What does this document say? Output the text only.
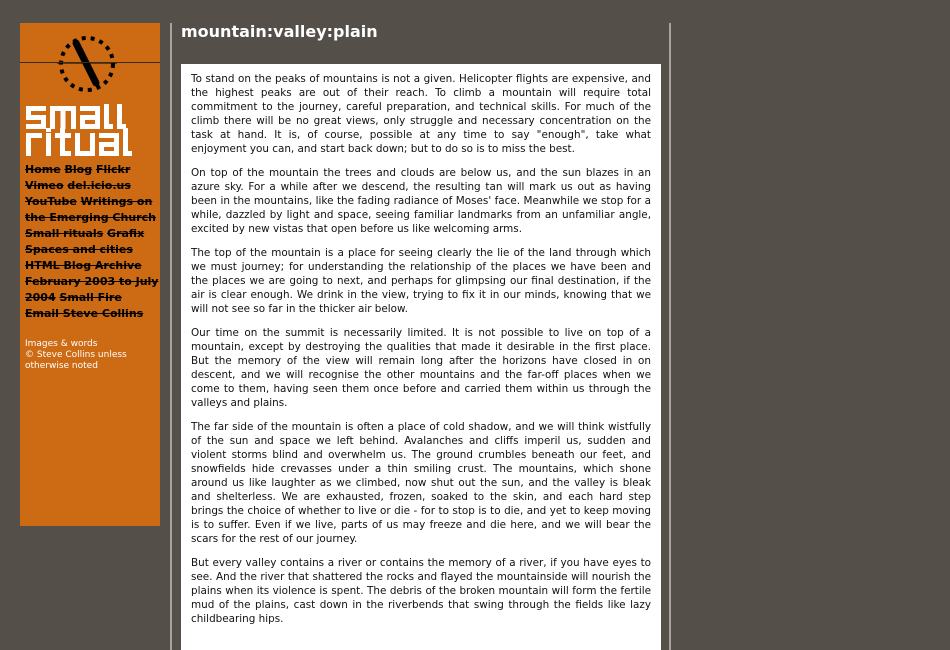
Home Blog Flickr Vimeo del.icio.us YouTube Writings on the Emerging Church Small rituals Grafix Spaces and cities HTML Blog Archive February 2003 to July 2004 Small Fire Email Steve Collins
Images & words
© Steve Collins unless otherwise noted
mountain:valley:plain

To stand on the peaks of mountains is not a given. Helicopter flights are expensive, and the highest peaks are out of their reach. To climb a mountain will require total commitment to the journey, careful preparation, and technical skills. For much of the climb there will be no great views, only struggle and necessary concentration on the task at hand. It is, of course, possible at any time to say "enough", take what enjoyment you can, and start back down; but to do so is to miss the best.

On top of the mountain the trees and clouds are below us, and the sun blazes in an azure sky. For a while after we descend, the resulting tan will mark us out as having been in the mountains, like the fading radiance of Moses' face. Meanwhile we stop for a while, dazzled by light and space, seeing familiar landmarks from an unfamiliar angle, excited by new vistas that open before us like welcoming arms.

The top of the mountain is a place for seeing clearly the lie of the land through which we must journey; for understanding the relationship of the places we have been and the places we are going to next, and perhaps for glimpsing our final destination, if the air is clear enough. We drink in the view, trying to fix it in our minds, knowing that we will not see so far in the thicker air below.

Our time on the summit is necessarily limited. It is not possible to live on top of a mountain, except by destroying the qualities that made it desirable in the first place. But the memory of the view will remain long after the horizons have closed in on descent, and we will recognise the other mountains and the far-off places when we come to them, having seen them once before and carried them within us through the valleys and plains.

The far side of the mountain is often a place of cold shadow, and we will think wistfully of the sun and space we left behind. Avalanches and cliffs imperil us, sudden and violent storms blind and overwhelm us. The ground crumbles beneath our feet, and snowfields hide crevasses under a thin smiling crust. The mountains, which shone around us like laughter as we climbed, now shut out the sun, and the valley is bleak and shelterless. We are exhausted, frozen, soaked to the skin, and each hard step brings the choice of whether to live or die - for to stop is to die, and yet to keep moving is to suffer. Even if we live, parts of us may freeze and die here, and we will bear the scars for the rest of our journey.

But every valley contains a river or contains the memory of a river, if you have eyes to see. And the river that shattered the rocks and flayed the mountainside will nourish the plains when its violence is spent. The debris of the broken mountain will form the fertile mud of the plains, cast down in the riverbends that swing through the fields like lazy childbearing hips.
